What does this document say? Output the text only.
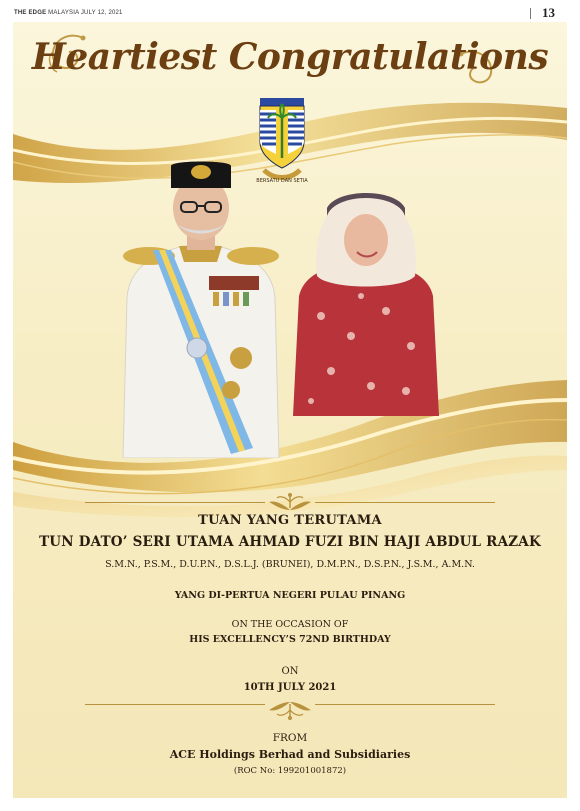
THE EDGE MALAYSIA JULY 12, 2021	13
Heartiest Congratulations
BERSATU DAN SETIA
TUAN YANG TERUTAMA
TUN DATO’ SERI UTAMA AHMAD FUZI BIN HAJI ABDUL RAZAK
S.M.N., P.S.M., D.U.P.N., D.S.L.J. (BRUNEI), D.M.P.N., D.S.P.N., J.S.M., A.M.N.
YANG DI-PERTUA NEGERI PULAU PINANG
ON THE OCCASION OF
HIS EXCELLENCY’S 72ND BIRTHDAY
ON
10TH JULY 2021
FROM
ACE Holdings Berhad and Subsidiaries
(ROC No: 199201001872)
